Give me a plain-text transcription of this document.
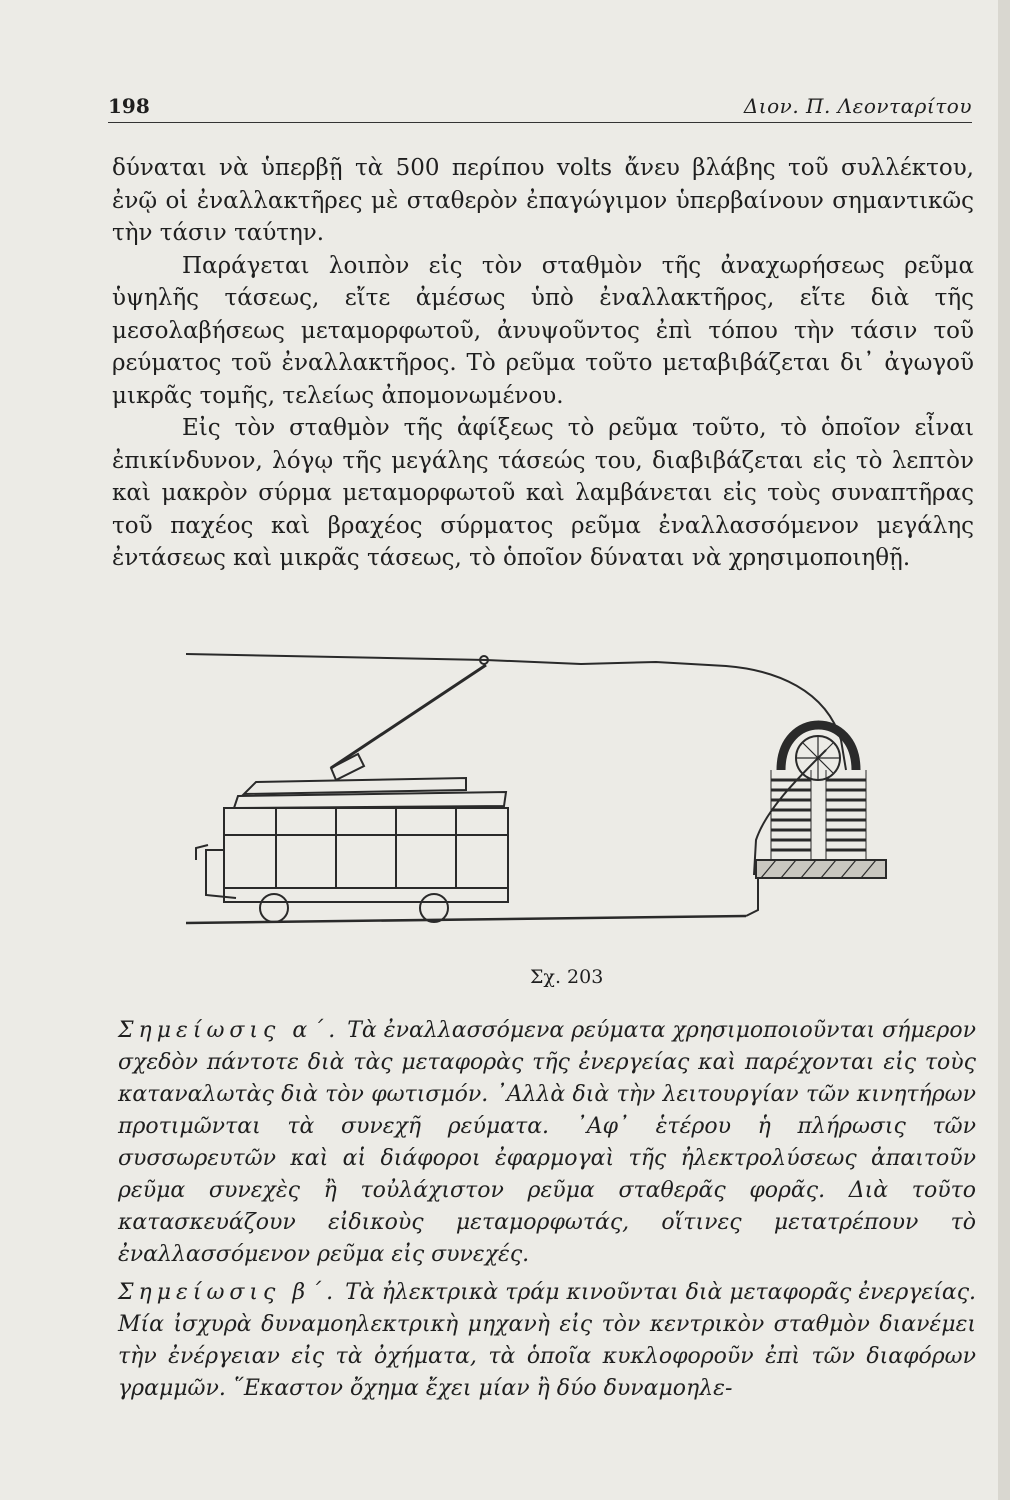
198	Διον. Π. Λεονταρίτου

δύναται νὰ ὑπερβῇ τὰ 500 περίπου volts ἄνευ βλάβης τοῦ συλλέκτου, ἐνῷ οἱ ἐναλλακτῆρες μὲ σταθερὸν ἐπαγώγιμον ὑπερβαίνουν σημαντικῶς τὴν τάσιν ταύτην.

Παράγεται λοιπὸν εἰς τὸν σταθμὸν τῆς ἀναχωρήσεως ρεῦμα ὑψηλῆς τάσεως, εἴτε ἀμέσως ὑπὸ ἐναλλακτῆρος, εἴτε διὰ τῆς μεσολαβήσεως μεταμορφωτοῦ, ἀνυψοῦντος ἐπὶ τόπου τὴν τάσιν τοῦ ρεύματος τοῦ ἐναλλακτῆρος. Τὸ ρεῦμα τοῦτο μεταβιβάζεται δι᾽ ἀγωγοῦ μικρᾶς τομῆς, τελείως ἀπομονωμένου.

Εἰς τὸν σταθμὸν τῆς ἀφίξεως τὸ ρεῦμα τοῦτο, τὸ ὁποῖον εἶναι ἐπικίνδυνον, λόγῳ τῆς μεγάλης τάσεώς του, διαβιβάζεται εἰς τὸ λεπτὸν καὶ μακρὸν σύρμα μεταμορφωτοῦ καὶ λαμβάνεται εἰς τοὺς συναπτῆρας τοῦ παχέος καὶ βραχέος σύρματος ρεῦμα ἐναλλασσόμενον μεγάλης ἐντάσεως καὶ μικρᾶς τάσεως, τὸ ὁποῖον δύναται νὰ χρησιμοποιηθῇ.

Σχ. 203

Σημείωσις α΄. Τὰ ἐναλλασσόμενα ρεύματα χρησιμοποιοῦνται σήμερον σχεδὸν πάντοτε διὰ τὰς μεταφορὰς τῆς ἐνεργείας καὶ παρέχονται εἰς τοὺς καταναλωτὰς διὰ τὸν φωτισμόν. ᾿Αλλὰ διὰ τὴν λειτουργίαν τῶν κινητήρων προτιμῶνται τὰ συνεχῆ ρεύματα. ᾿Αφ᾽ ἑτέρου ἡ πλήρωσις τῶν συσσωρευτῶν καὶ αἱ διάφοροι ἐφαρμογαὶ τῆς ἠλεκτρολύσεως ἀπαιτοῦν ρεῦμα συνεχὲς ἢ τοὐλάχιστον ρεῦμα σταθερᾶς φορᾶς. Διὰ τοῦτο κατασκευάζουν εἰδικοὺς μεταμορφωτάς, οἵτινες μετατρέπουν τὸ ἐναλλασσόμενον ρεῦμα εἰς συνεχές.

Σημείωσις β΄. Τὰ ἠλεκτρικὰ τράμ κινοῦνται διὰ μεταφορᾶς ἐνεργείας. Μία ἰσχυρὰ δυναμοηλεκτρικὴ μηχανὴ εἰς τὸν κεντρικὸν σταθμὸν διανέμει τὴν ἐνέργειαν εἰς τὰ ὀχήματα, τὰ ὁποῖα κυκλοφοροῦν ἐπὶ τῶν διαφόρων γραμμῶν. ῞Εκαστον ὄχημα ἔχει μίαν ἢ δύο δυναμοηλε-
